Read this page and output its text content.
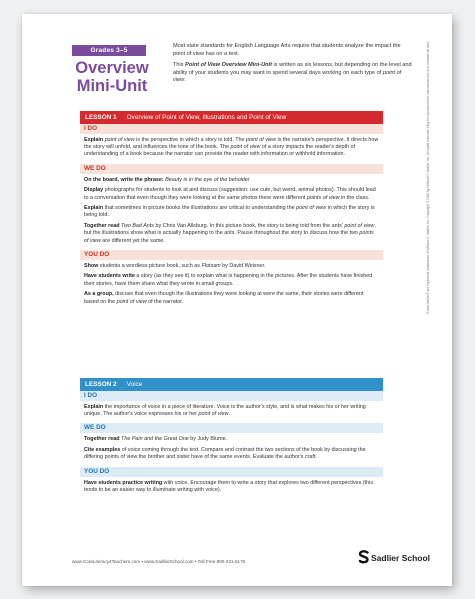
Grades 3–5
Overview
Mini-Unit

Most state standards for English Language Arts require that students analyze the impact the point of view has on a text.

This Point of View Overview Mini-Unit is written as six lessons, but depending on the level and ability of your students you may want to spend several days working on each type of point of view.

LESSON 1 Overview of Point of View, Illustrations and Point of View
I DO

Explain point of view is the perspective in which a story is told. The point of view is the narrator's perspective. It directs how the story will unfold, and influences the tone of the book. The point of view of a story impacts the reader's depth of understanding of a book because the narrator can provide the reader with information or withhold information.

WE DO

On the board, write the phrase: Beauty is in the eye of the beholder

Display photographs for students to look at and discuss (suggestion: use cute, but weird, animal photos). This should lead to a conversation that even though they were looking at the same photos there were different points of view in the class.

Explain that sometimes in picture books the illustrations are critical to understanding the point of view in which the story is being told.

Together read Two Bad Ants by Chris Van Allsburg. In this picture book, the story is being told from the ants' point of view, but the illustrations show what is actually happening to the ants. Pause throughout the story to discuss how the two points of view are different yet the same.

YOU DO

Show students a wordless picture book, such as Flotsam by David Weisner.

Have students write a story (as they see it) to explain what is happening in the pictures. After the students have finished their stories, have them share what they wrote in small groups.

As a group, discuss that even though the illustrations they were looking at were the same, their stories were different based on the point of view of the narrator.

LESSON 2 Voice
I DO

Explain the importance of voice in a piece of literature. Voice is the author's style, and is what makes his or her writing unique. The author's voice expresses his or her point of view.

WE DO

Together read The Pain and the Great One by Judy Blume.

Cite examples of voice coming through the text. Compare and contrast the two sections of the book by discussing the differing points of view the brother and sister have of the same events. Evaluate the author's craft.

YOU DO

Have students practice writing with voice. Encourage them to write a story that explores two different perspectives (this tends to be an easier way to illuminate writing with voice).

www.CoreLiteracy4Teachers.com • www.SadlierSchool.com • Toll Free 800-221-5175	Sadlier School
® and Sadlier® are registered trademarks of William H. Sadlier, Inc. Copyright © 2016 by William H. Sadlier, Inc. All rights reserved. May be reproduced for educational use (not commercial use).
